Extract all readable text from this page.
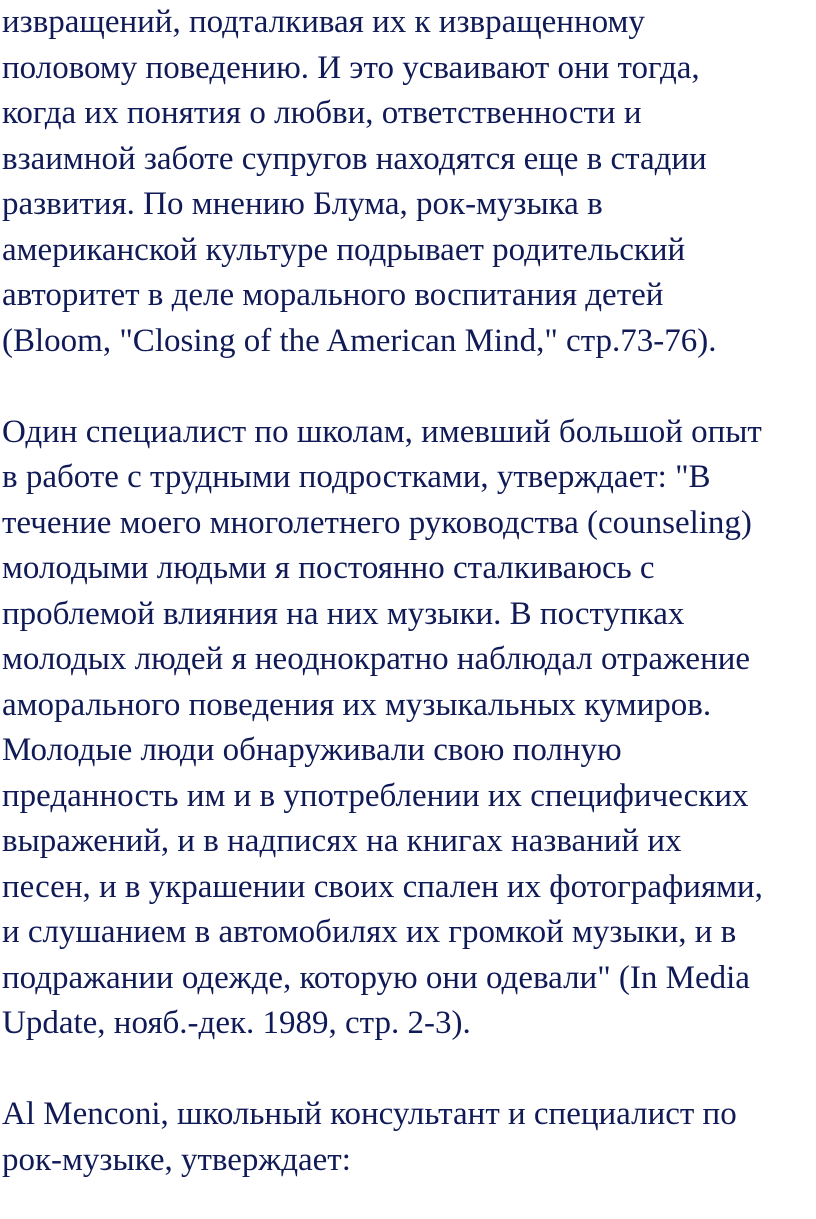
извращений, подталкивая их к извращенному
половому поведению. И это усваивают они тогда,
когда их понятия о любви, ответственности и
взаимной заботе супругов находятся еще в стадии
развития. По мнению Блума, рок-музыка в
американской культуре подрывает родительский
авторитет в деле морального воспитания детей
(Bloom, "Closing of the American Mind," стр.73-76).
Один специалист по школам, имевший большой опыт
в работе с трудными подростками, утверждает: "В
течение моего многолетнего руководства (counseling)
молодыми людьми я постоянно сталкиваюсь с
проблемой влияния на них музыки. В поступках
молодых людей я неоднократно наблюдал отражение
аморального поведения их музыкальных кумиров.
Молодые люди обнаруживали свою полную
преданность им и в употреблении их специфических
выражений, и в надписях на книгах названий их
песен, и в украшении своих спален их фотографиями,
и слушанием в автомобилях их громкой музыки, и в
подражании одежде, которую они одевали" (In Media
Update, нояб.-дек. 1989, стр. 2-3).
Al Menconi, школьный консультант и специалист по
рок-музыке, утверждает:
